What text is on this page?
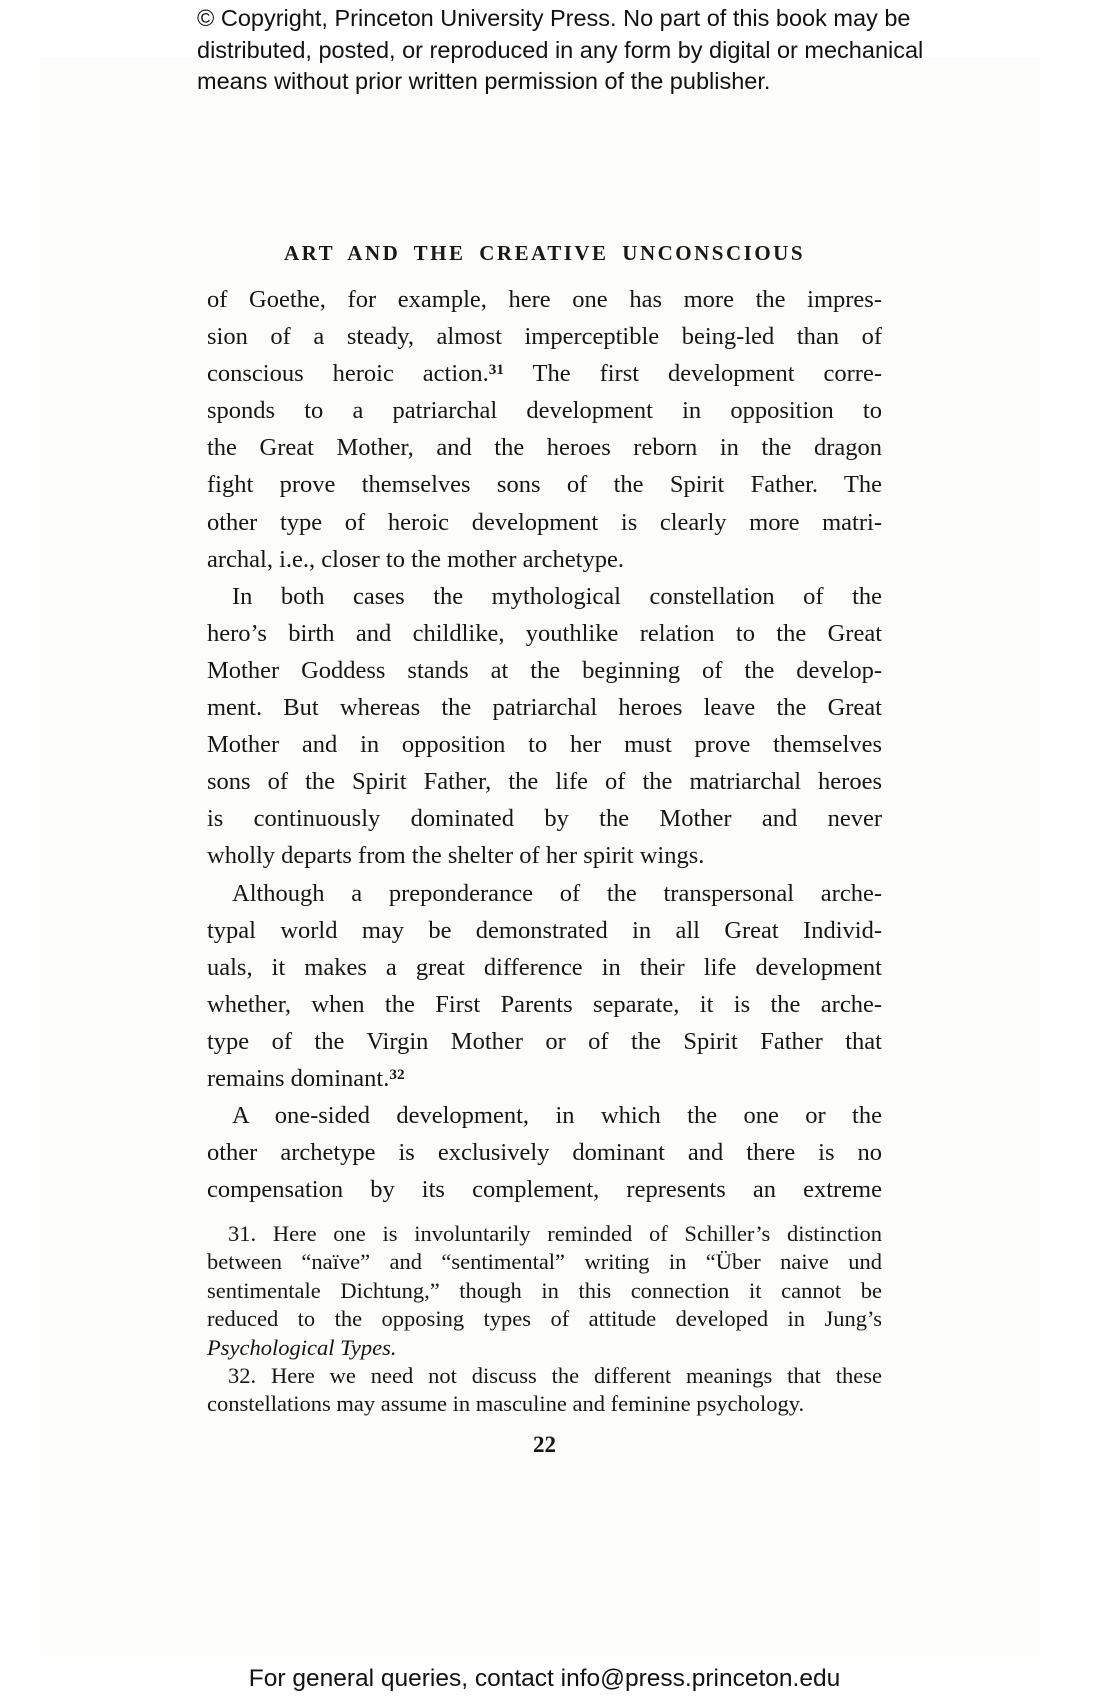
© Copyright, Princeton University Press. No part of this book may be
distributed, posted, or reproduced in any form by digital or mechanical
means without prior written permission of the publisher.
ART AND THE CREATIVE UNCONSCIOUS
of Goethe, for example, here one has more the impres-
sion of a steady, almost imperceptible being-led than of
conscious heroic action.$^{31}$ The first development corre-
sponds to a patriarchal development in opposition to
the Great Mother, and the heroes reborn in the dragon
fight prove themselves sons of the Spirit Father. The
other type of heroic development is clearly more matri-
archal, i.e., closer to the mother archetype.
In both cases the mythological constellation of the
hero’s birth and childlike, youthlike relation to the Great
Mother Goddess stands at the beginning of the develop-
ment. But whereas the patriarchal heroes leave the Great
Mother and in opposition to her must prove themselves
sons of the Spirit Father, the life of the matriarchal heroes
is continuously dominated by the Mother and never
wholly departs from the shelter of her spirit wings.
Although a preponderance of the transpersonal arche-
typal world may be demonstrated in all Great Individ-
uals, it makes a great difference in their life development
whether, when the First Parents separate, it is the arche-
type of the Virgin Mother or of the Spirit Father that
remains dominant.$^{32}$
A one-sided development, in which the one or the
other archetype is exclusively dominant and there is no
compensation by its complement, represents an extreme
31. Here one is involuntarily reminded of Schiller’s distinction
between “naïve” and “sentimental” writing in “Über naive und
sentimentale Dichtung,” though in this connection it cannot be
reduced to the opposing types of attitude developed in Jung’s
Psychological Types.
32. Here we need not discuss the different meanings that these
constellations may assume in masculine and feminine psychology.
22
For general queries, contact info@press.princeton.edu
